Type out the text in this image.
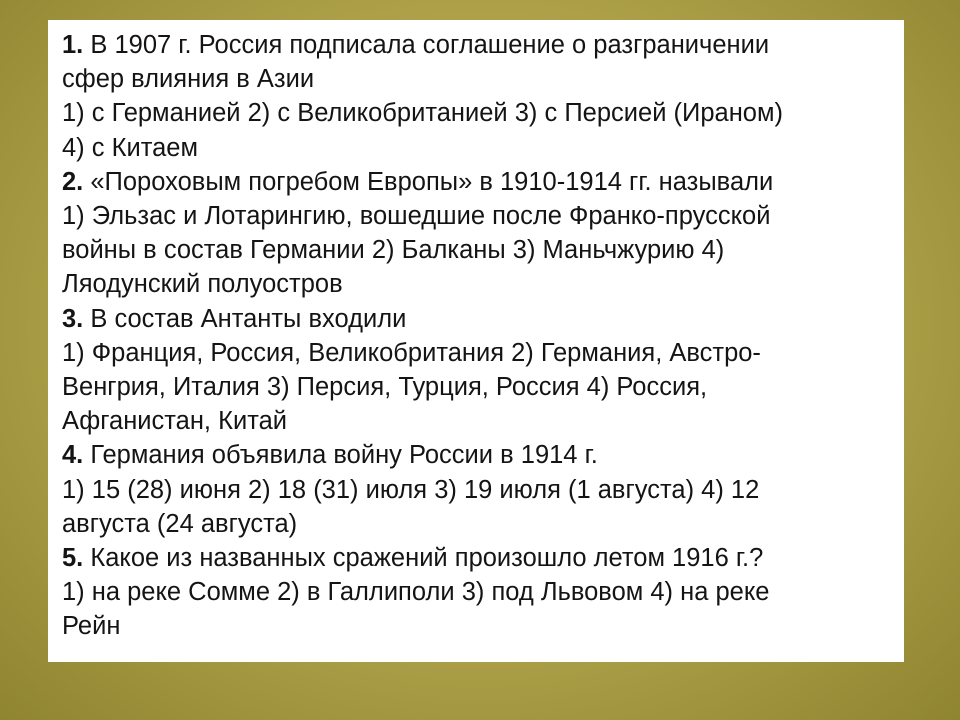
1. В 1907 г. Россия подписала соглашение о разграничении

сфер влияния в Азии

1) с Германией 2) с Великобританией 3) с Персией (Ираном)

4) с Китаем

2. «Пороховым погребом Европы» в 1910-1914 гг. называли

1) Эльзас и Лотарингию, вошедшие после Франко-прусской

войны в состав Германии 2) Балканы 3) Маньчжурию 4)

Ляодунский полуостров

3. В состав Антанты входили

1) Франция, Россия, Великобритания 2) Германия, Австро-

Венгрия, Италия 3) Персия, Турция, Россия 4) Россия,

Афганистан, Китай

4. Германия объявила войну России в 1914 г.

1) 15 (28) июня 2) 18 (31) июля 3) 19 июля (1 августа) 4) 12

августа (24 августа)

5. Какое из названных сражений произошло летом 1916 г.?

1) на реке Сомме 2) в Галлиполи 3) под Львовом 4) на реке

Рейн
